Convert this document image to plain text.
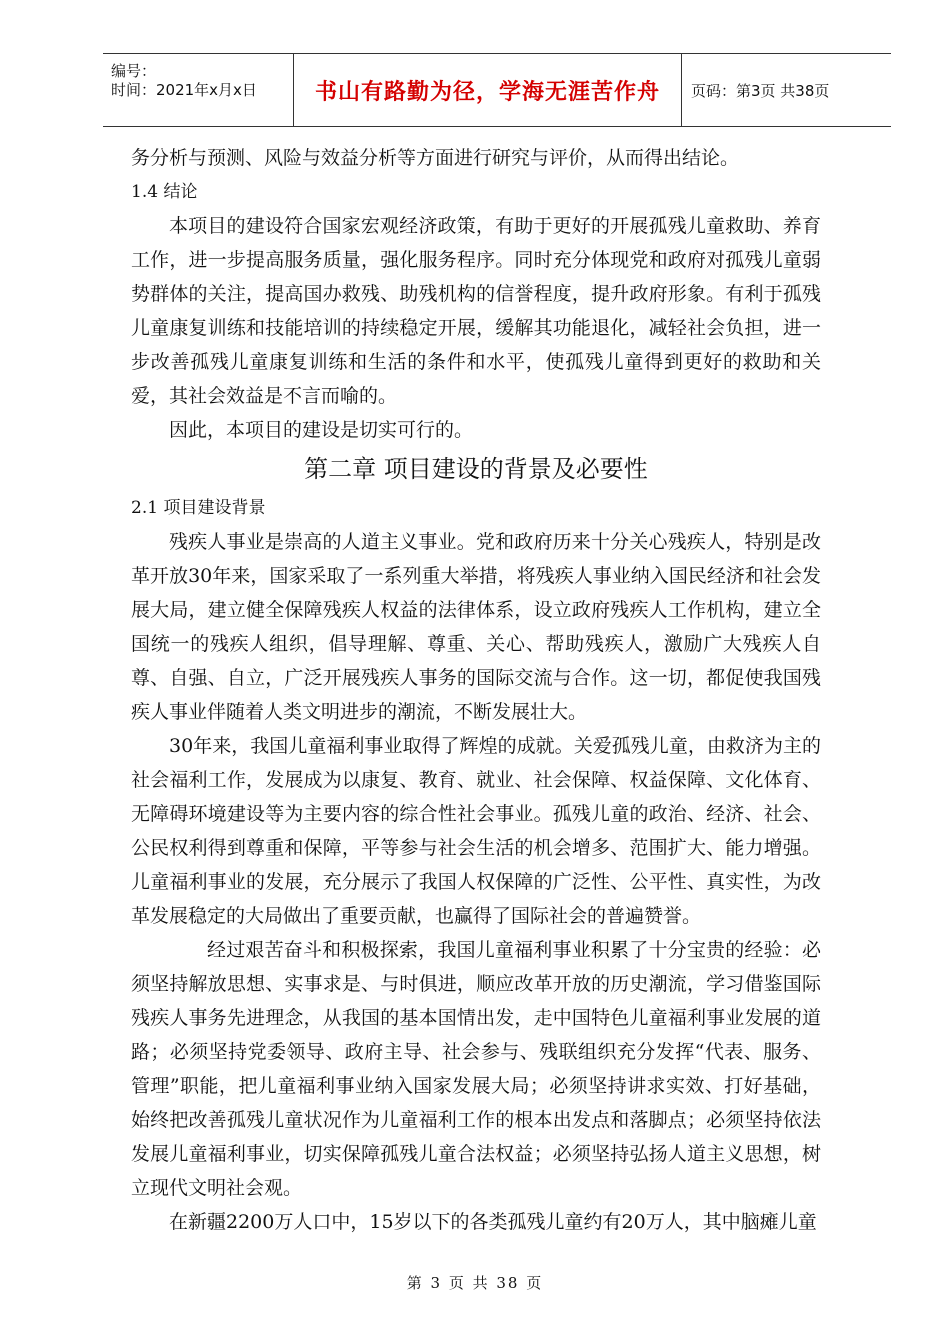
编号：
时间：2021年x月x日	书山有路勤为径，学海无涯苦作舟	页码：第3页 共38页

务分析与预测、风险与效益分析等方面进行研究与评价，从而得出结论。

1.4 结论

本项目的建设符合国家宏观经济政策，有助于更好的开展孤残儿童救助、养育工作，进一步提高服务质量，强化服务程序。同时充分体现党和政府对孤残儿童弱势群体的关注，提高国办救残、助残机构的信誉程度，提升政府形象。有利于孤残儿童康复训练和技能培训的持续稳定开展，缓解其功能退化，减轻社会负担，进一步改善孤残儿童康复训练和生活的条件和水平，使孤残儿童得到更好的救助和关爱，其社会效益是不言而喻的。

因此，本项目的建设是切实可行的。

第二章 项目建设的背景及必要性
2.1 项目建设背景

残疾人事业是崇高的人道主义事业。党和政府历来十分关心残疾人，特别是改革开放30年来，国家采取了一系列重大举措，将残疾人事业纳入国民经济和社会发展大局，建立健全保障残疾人权益的法律体系，设立政府残疾人工作机构，建立全国统一的残疾人组织，倡导理解、尊重、关心、帮助残疾人，激励广大残疾人自尊、自强、自立，广泛开展残疾人事务的国际交流与合作。这一切，都促使我国残疾人事业伴随着人类文明进步的潮流，不断发展壮大。

30年来，我国儿童福利事业取得了辉煌的成就。关爱孤残儿童，由救济为主的社会福利工作，发展成为以康复、教育、就业、社会保障、权益保障、文化体育、无障碍环境建设等为主要内容的综合性社会事业。孤残儿童的政治、经济、社会、公民权利得到尊重和保障，平等参与社会生活的机会增多、范围扩大、能力增强。儿童福利事业的发展，充分展示了我国人权保障的广泛性、公平性、真实性，为改革发展稳定的大局做出了重要贡献，也赢得了国际社会的普遍赞誉。

经过艰苦奋斗和积极探索，我国儿童福利事业积累了十分宝贵的经验：必须坚持解放思想、实事求是、与时俱进，顺应改革开放的历史潮流，学习借鉴国际残疾人事务先进理念，从我国的基本国情出发，走中国特色儿童福利事业发展的道路；必须坚持党委领导、政府主导、社会参与、残联组织充分发挥“代表、服务、管理”职能，把儿童福利事业纳入国家发展大局；必须坚持讲求实效、打好基础，始终把改善孤残儿童状况作为儿童福利工作的根本出发点和落脚点；必须坚持依法发展儿童福利事业，切实保障孤残儿童合法权益；必须坚持弘扬人道主义思想，树立现代文明社会观。

在新疆2200万人口中，15岁以下的各类孤残儿童约有20万人，其中脑瘫儿童

第 3 页 共 38 页
